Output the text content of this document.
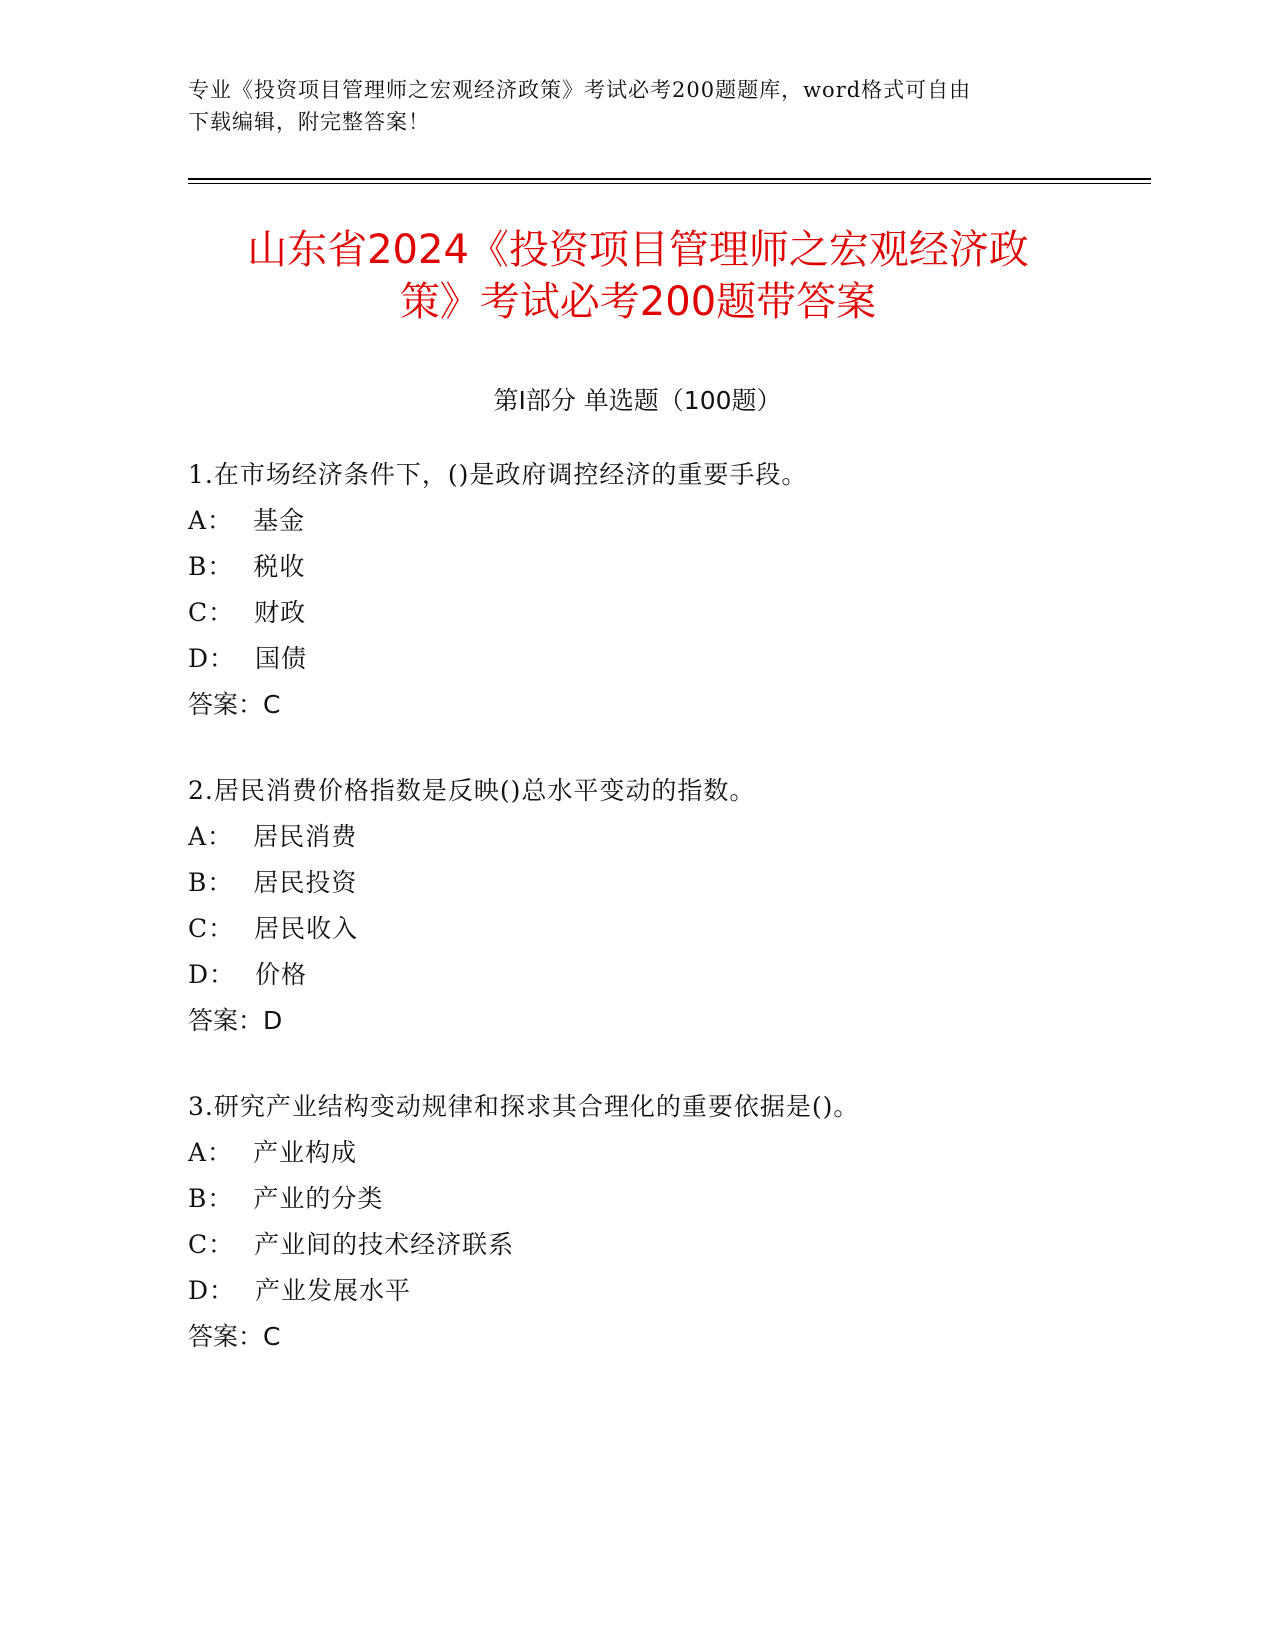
专业《投资项目管理师之宏观经济政策》考试必考200题题库，word格式可自由
下载编辑，附完整答案！
山东省2024《投资项目管理师之宏观经济政
策》考试必考200题带答案
第Ⅰ部分 单选题（100题）
1.在市场经济条件下，()是政府调控经济的重要手段。
A： 基金
B： 税收
C： 财政
D： 国债
答案：C
2.居民消费价格指数是反映()总水平变动的指数。
A： 居民消费
B： 居民投资
C： 居民收入
D： 价格
答案：D
3.研究产业结构变动规律和探求其合理化的重要依据是()。
A： 产业构成
B： 产业的分类
C： 产业间的技术经济联系
D： 产业发展水平
答案：C
